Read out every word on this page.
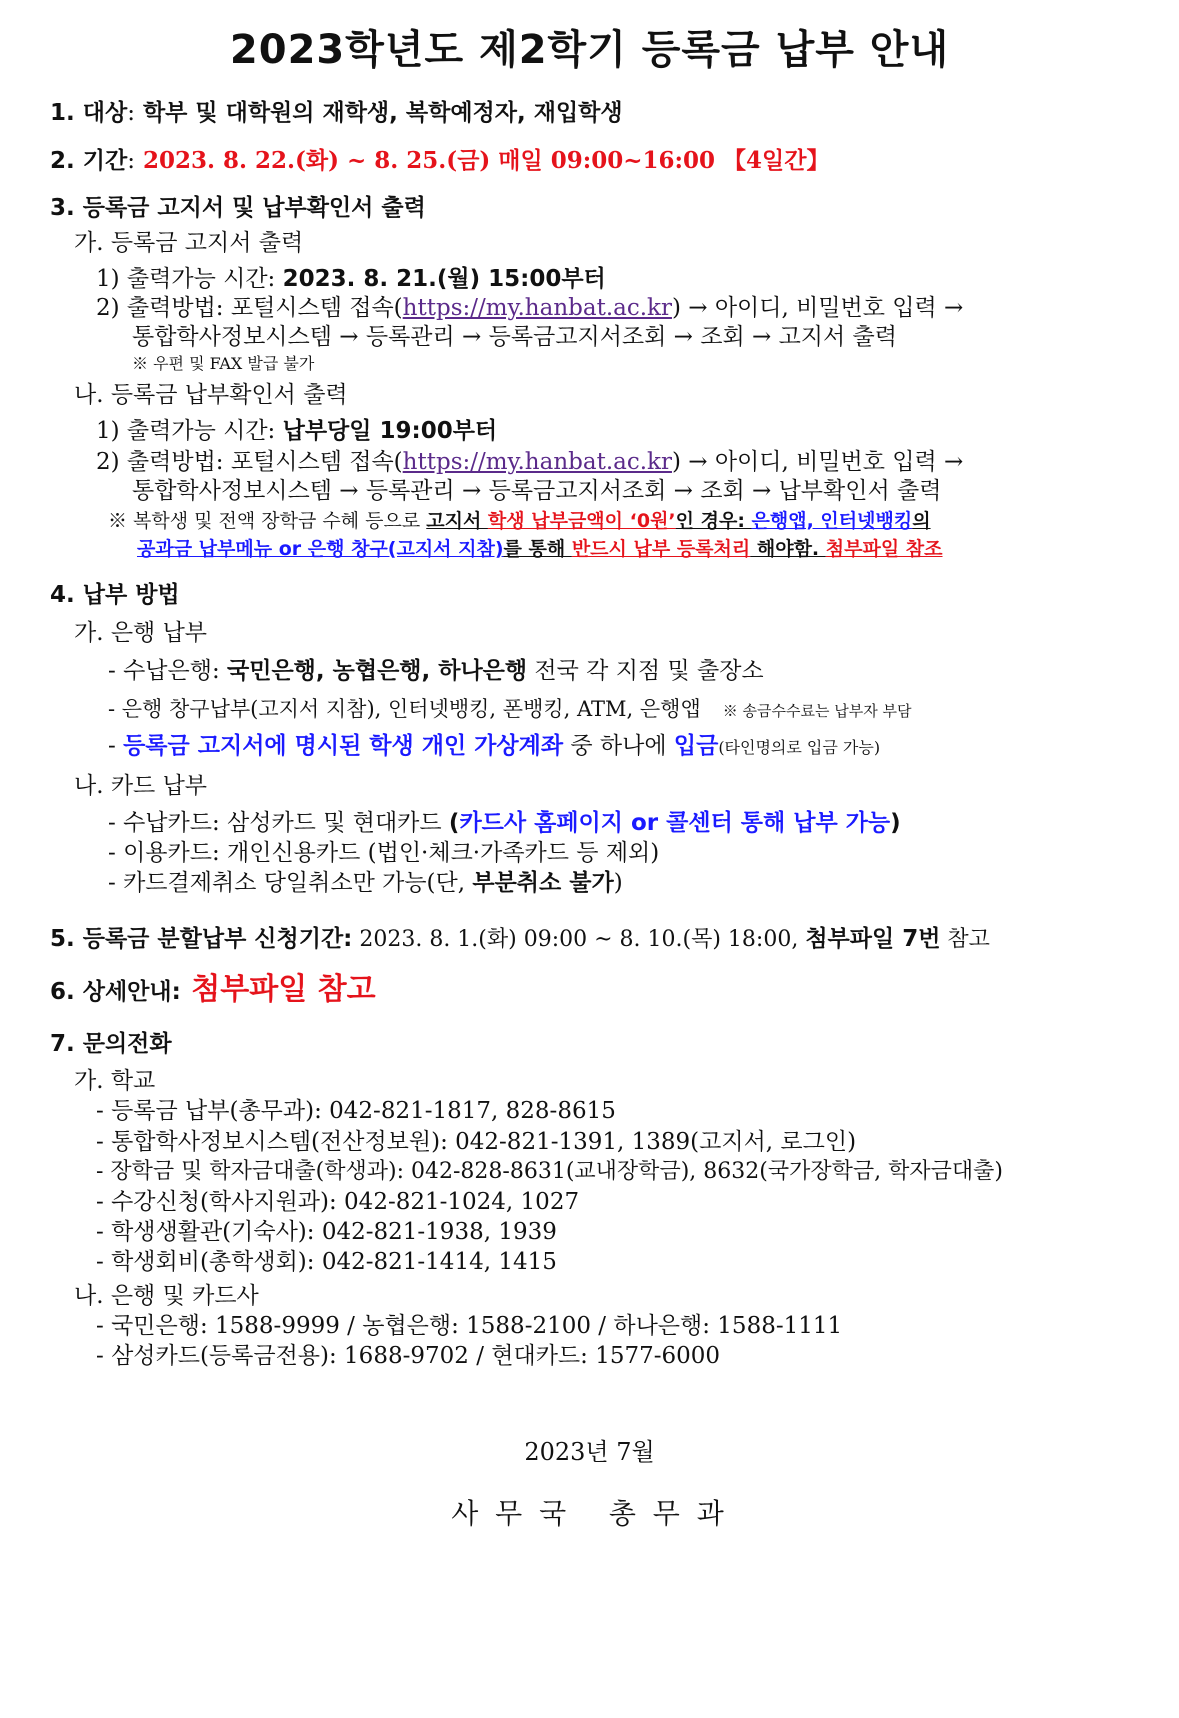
2023학년도 제2학기 등록금 납부 안내
1. 대상: 학부 및 대학원의 재학생, 복학예정자, 재입학생
2. 기간: 2023. 8. 22.(화) ~ 8. 25.(금) 매일 09:00~16:00 【4일간】
3. 등록금 고지서 및 납부확인서 출력
가. 등록금 고지서 출력
1) 출력가능 시간: 2023. 8. 21.(월) 15:00부터
2) 출력방법: 포털시스템 접속(https://my.hanbat.ac.kr) → 아이디, 비밀번호 입력 →
통합학사정보시스템 → 등록관리 → 등록금고지서조회 → 조회 → 고지서 출력
※ 우편 및 FAX 발급 불가
나. 등록금 납부확인서 출력
1) 출력가능 시간: 납부당일 19:00부터
2) 출력방법: 포털시스템 접속(https://my.hanbat.ac.kr) → 아이디, 비밀번호 입력 →
통합학사정보시스템 → 등록관리 → 등록금고지서조회 → 조회 → 납부확인서 출력
※ 복학생 및 전액 장학금 수혜 등으로 고지서 학생 납부금액이 ‘0원’인 경우: 은행앱, 인터넷뱅킹의
공과금 납부메뉴 or 은행 창구(고지서 지참)를 통해 반드시 납부 등록처리 해야함. 첨부파일 참조
4. 납부 방법
가. 은행 납부
- 수납은행: 국민은행, 농협은행, 하나은행 전국 각 지점 및 출장소
- 은행 창구납부(고지서 지참), 인터넷뱅킹, 폰뱅킹, ATM, 은행앱 ※ 송금수수료는 납부자 부담
- 등록금 고지서에 명시된 학생 개인 가상계좌 중 하나에 입금(타인명의로 입금 가능)
나. 카드 납부
- 수납카드: 삼성카드 및 현대카드 (카드사 홈페이지 or 콜센터 통해 납부 가능)
- 이용카드: 개인신용카드 (법인·체크·가족카드 등 제외)
- 카드결제취소 당일취소만 가능(단, 부분취소 불가)
5. 등록금 분할납부 신청기간: 2023. 8. 1.(화) 09:00 ~ 8. 10.(목) 18:00, 첨부파일 7번 참고
6. 상세안내: 첨부파일 참고
7. 문의전화
가. 학교
- 등록금 납부(총무과): 042-821-1817, 828-8615
- 통합학사정보시스템(전산정보원): 042-821-1391, 1389(고지서, 로그인)
- 장학금 및 학자금대출(학생과): 042-828-8631(교내장학금), 8632(국가장학금, 학자금대출)
- 수강신청(학사지원과): 042-821-1024, 1027
- 학생생활관(기숙사): 042-821-1938, 1939
- 학생회비(총학생회): 042-821-1414, 1415
나. 은행 및 카드사
- 국민은행: 1588-9999 / 농협은행: 1588-2100 / 하나은행: 1588-1111
- 삼성카드(등록금전용): 1688-9702 / 현대카드: 1577-6000
2023년 7월
사 무 국   총 무 과
